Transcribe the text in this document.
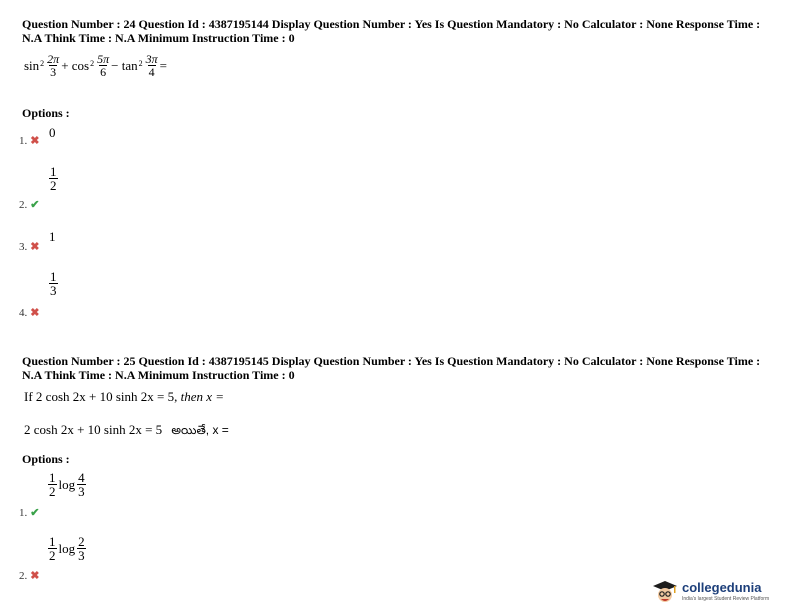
Question Number : 24 Question Id : 4387195144 Display Question Number : Yes Is Question Mandatory : No Calculator : None Response Time :
N.A Think Time : N.A Minimum Instruction Time : 0
$\sin 2 \frac{2\pi}{3} + \cos 2 \frac{5\pi}{6} - \tan 2 \frac{3\pi}{4}$ =
Options :
1. ✖
0
2. ✔
$\frac{1}{2}$
3. ✖
1
4. ✖
$\frac{1}{3}$
Question Number : 25 Question Id : 4387195145 Display Question Number : Yes Is Question Mandatory : No Calculator : None Response Time :
N.A Think Time : N.A Minimum Instruction Time : 0
If 2 cosh 2x + 10 sinh 2x = 5, then x =
2 cosh 2x + 10 sinh 2x = 5 అయితే, x =
Options :
1. ✔
$\frac{1}{2}$ $\log \frac{4}{3}$
2. ✖
$\frac{1}{2}$ $\log \frac{2}{3}$
collegedunia
India's largest Student Review Platform
